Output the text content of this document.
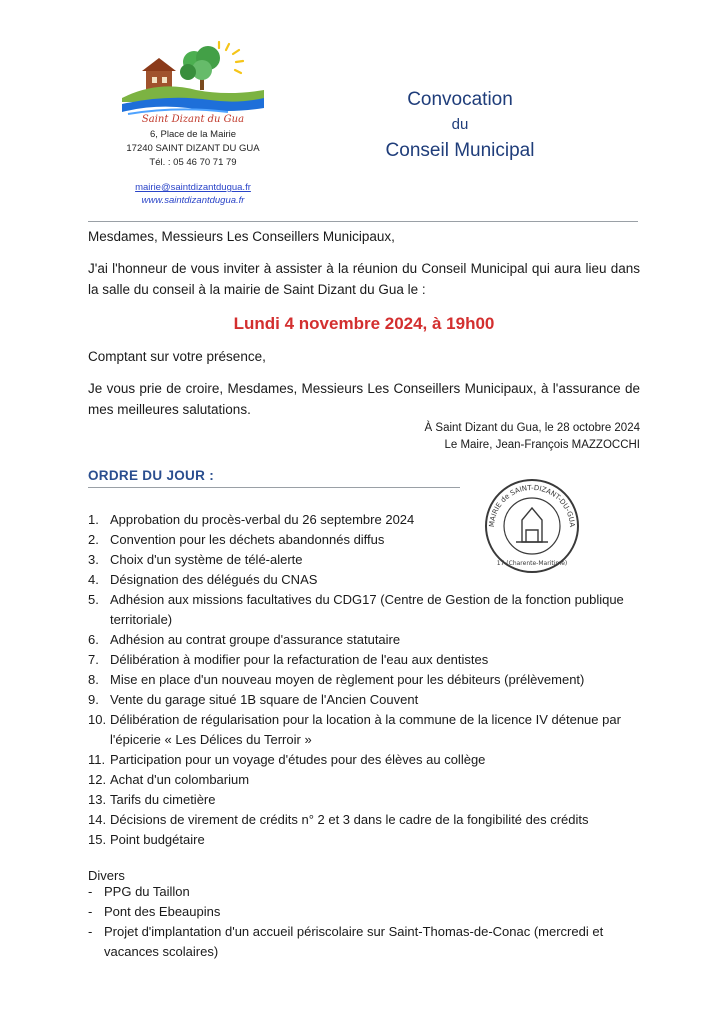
Saint Dizant du Gua
6, Place de la Mairie
17240 SAINT DIZANT DU GUA
Tél. : 05 46 70 71 79
mairie@saintdizantdugua.fr
www.saintdizantdugua.fr
Convocation
du
Conseil Municipal
Mesdames, Messieurs Les Conseillers Municipaux,
J'ai l'honneur de vous inviter à assister à la réunion du Conseil Municipal qui aura lieu dans la salle du conseil à la mairie de Saint Dizant du Gua le :
Lundi 4 novembre 2024, à 19h00
Comptant sur votre présence,
Je vous prie de croire, Mesdames, Messieurs Les Conseillers Municipaux, à l'assurance de mes meilleures salutations.
À Saint Dizant du Gua, le 28 octobre 2024
Le Maire, Jean-François MAZZOCCHI
ORDRE DU JOUR :
MAIRIE de SAINT-DIZANT-DU-GUA
17 (Charente-Maritime)
1. Approbation du procès-verbal du 26 septembre 2024
2. Convention pour les déchets abandonnés diffus
3. Choix d'un système de télé-alerte
4. Désignation des délégués du CNAS
5. Adhésion aux missions facultatives du CDG17 (Centre de Gestion de la fonction publique territoriale)
6. Adhésion au contrat groupe d'assurance statutaire
7. Délibération à modifier pour la refacturation de l'eau aux dentistes
8. Mise en place d'un nouveau moyen de règlement pour les débiteurs (prélèvement)
9. Vente du garage situé 1B square de l'Ancien Couvent
10. Délibération de régularisation pour la location à la commune de la licence IV détenue par l'épicerie « Les Délices du Terroir »
11. Participation pour un voyage d'études pour des élèves au collège
12. Achat d'un colombarium
13. Tarifs du cimetière
14. Décisions de virement de crédits n° 2 et 3 dans le cadre de la fongibilité des crédits
15. Point budgétaire
Divers
- PPG du Taillon
- Pont des Ebeaupins
- Projet d'implantation d'un accueil périscolaire sur Saint-Thomas-de-Conac (mercredi et vacances scolaires)
